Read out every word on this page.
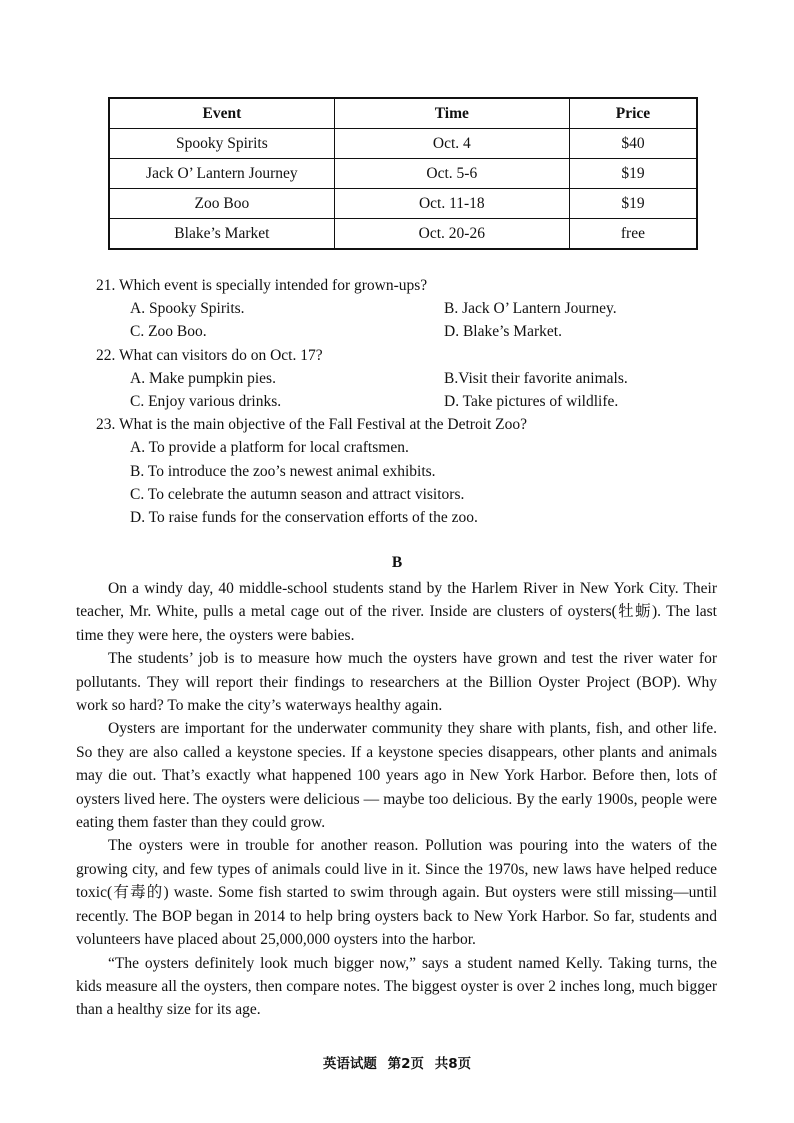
Event	Time	Price
Spooky Spirits	Oct. 4	$40
Jack O’ Lantern Journey	Oct. 5-6	$19
Zoo Boo	Oct. 11-18	$19
Blake’s Market	Oct. 20-26	free

21. Which event is specially intended for grown-ups?

A. Spooky Spirits.	B. Jack O’ Lantern Journey.
C. Zoo Boo.	D. Blake’s Market.

22. What can visitors do on Oct. 17?

A. Make pumpkin pies.	B.Visit their favorite animals.
C. Enjoy various drinks.	D. Take pictures of wildlife.

23. What is the main objective of the Fall Festival at the Detroit Zoo?

A. To provide a platform for local craftsmen.
B. To introduce the zoo’s newest animal exhibits.
C. To celebrate the autumn season and attract visitors.
D. To raise funds for the conservation efforts of the zoo.
B

On a windy day, 40 middle-school students stand by the Harlem River in New York City. Their teacher, Mr. White, pulls a metal cage out of the river. Inside are clusters of oysters(牡蛎). The last time they were here, the oysters were babies.

The students’ job is to measure how much the oysters have grown and test the river water for pollutants. They will report their findings to researchers at the Billion Oyster Project (BOP). Why work so hard? To make the city’s waterways healthy again.

Oysters are important for the underwater community they share with plants, fish, and other life. So they are also called a keystone species. If a keystone species disappears, other plants and animals may die out. That’s exactly what happened 100 years ago in New York Harbor. Before then, lots of oysters lived here. The oysters were delicious — maybe too delicious. By the early 1900s, people were eating them faster than they could grow.

The oysters were in trouble for another reason. Pollution was pouring into the waters of the growing city, and few types of animals could live in it. Since the 1970s, new laws have helped reduce toxic(有毒的) waste. Some fish started to swim through again. But oysters were still missing—until recently. The BOP began in 2014 to help bring oysters back to New York Harbor. So far, students and volunteers have placed about 25,000,000 oysters into the harbor.

“The oysters definitely look much bigger now,” says a student named Kelly. Taking turns, the kids measure all the oysters, then compare notes. The biggest oyster is over 2 inches long, much bigger than a healthy size for its age.

英语试题 第2页 共8页
